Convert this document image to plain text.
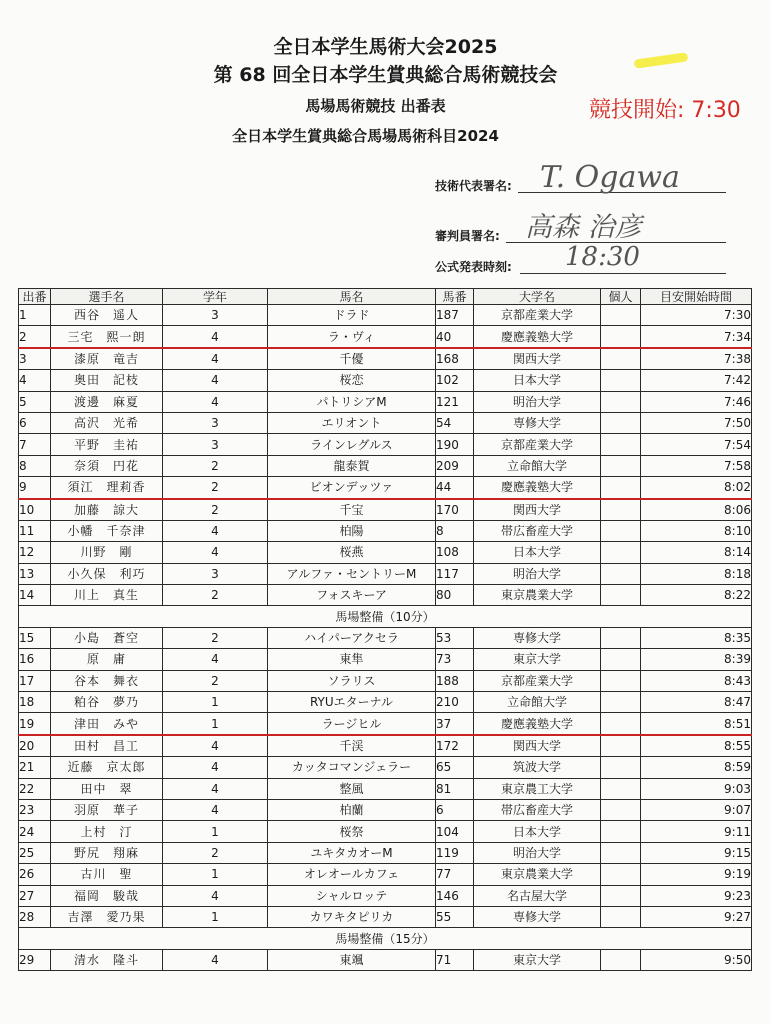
全日本学生馬術大会2025
第 68 回全日本学生賞典総合馬術競技会
馬場馬術競技 出番表
全日本学生賞典総合馬場馬術科目2024
競技開始: 7:30
技術代表署名: T. Ogawa
審判員署名: 高森 治彦
公式発表時刻: 18:30
出番	選手名	学年	馬名	馬番	大学名	個人	目安開始時間
1	西谷　遥人	3	ドラド	187	京都産業大学		7:30
2	三宅　熙一朗	4	ラ・ヴィ	40	慶應義塾大学		7:34
3	漆原　竜吉	4	千優	168	関西大学		7:38
4	奥田　記枝	4	桜恋	102	日本大学		7:42
5	渡邊　麻夏	4	パトリシアM	121	明治大学		7:46
6	高沢　光希	3	エリオント	54	専修大学		7:50
7	平野　圭祐	3	ラインレグルス	190	京都産業大学		7:54
8	奈須　円花	2	龍泰賀	209	立命館大学		7:58
9	須江　理莉香	2	ビオンデッツァ	44	慶應義塾大学		8:02
10	加藤　諒大	2	千宝	170	関西大学		8:06
11	小幡　千奈津	4	柏陽	8	帯広畜産大学		8:10
12	川野　剛	4	桜燕	108	日本大学		8:14
13	小久保　利巧	3	アルファ・セントリーM	117	明治大学		8:18
14	川上　真生	2	フォスキーア	80	東京農業大学		8:22
馬場整備（10分）							
15	小島　蒼空	2	ハイパーアクセラ	53	専修大学		8:35
16	原　庸	4	東隼	73	東京大学		8:39
17	谷本　舞衣	2	ソラリス	188	京都産業大学		8:43
18	粕谷　夢乃	1	RYUエターナル	210	立命館大学		8:47
19	津田　みや	1	ラージヒル	37	慶應義塾大学		8:51
20	田村　昌工	4	千渓	172	関西大学		8:55
21	近藤　京太郎	4	カッタコマンジェラー	65	筑波大学		8:59
22	田中　翠	4	整風	81	東京農工大学		9:03
23	羽原　華子	4	柏蘭	6	帯広畜産大学		9:07
24	上村　汀	1	桜祭	104	日本大学		9:11
25	野尻　翔麻	2	ユキタカオーM	119	明治大学		9:15
26	古川　聖	1	オレオールカフェ	77	東京農業大学		9:19
27	福岡　駿哉	4	シャルロッテ	146	名古屋大学		9:23
28	吉澤　愛乃果	1	カワキタピリカ	55	専修大学		9:27
馬場整備（15分）							
29	清水　隆斗	4	東颯	71	東京大学		9:50
